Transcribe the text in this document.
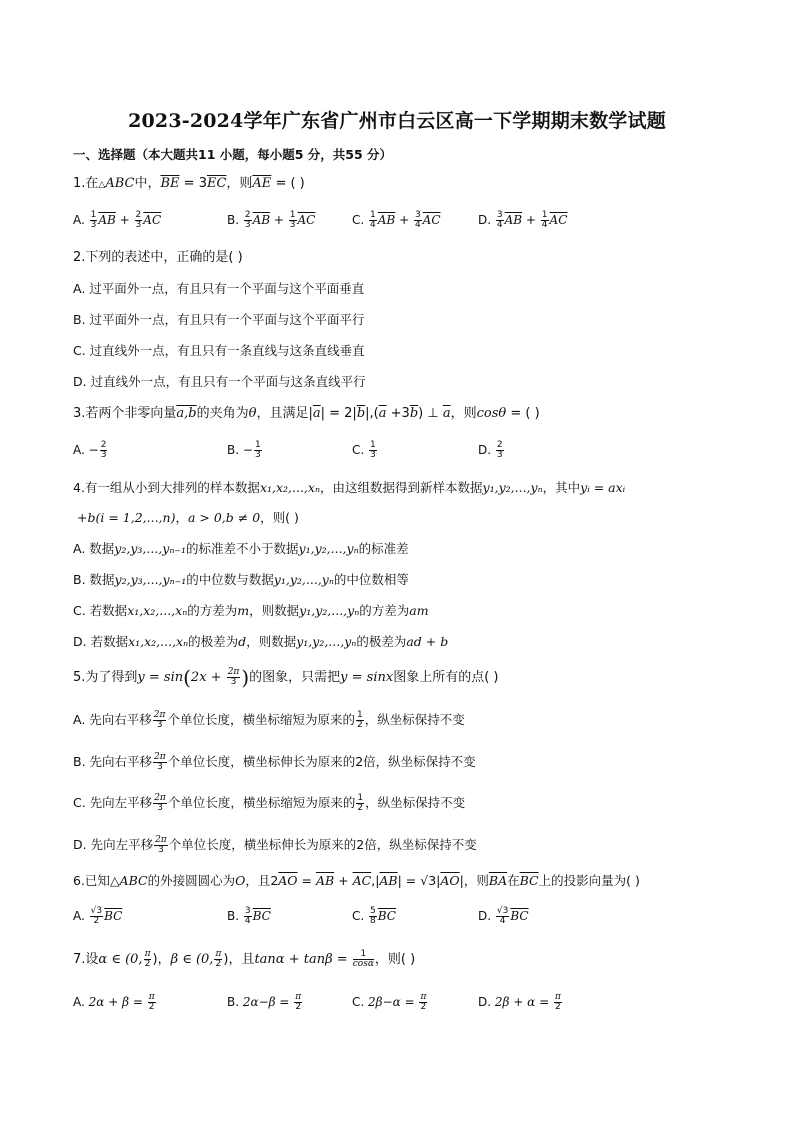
2023-2024学年广东省广州市白云区高一下学期期末数学试题
一、选择题（本大题共11 小题，每小题5 分，共55 分）
1.在△ABC中，$\overline{BE} = 3\overline{EC}$，则$\overline{AE}$ = ( )
A. $\frac{1}{3} \overline{AB} + \frac{2}{3} \overline{AC}$	B. $\frac{2}{3} \overline{AB} + \frac{1}{3} \overline{AC}$	C. $\frac{1}{4} \overline{AB} + \frac{3}{4} \overline{AC}$	D. $\frac{3}{4} \overline{AB} + \frac{1}{4} \overline{AC}$
2.下列的表述中，正确的是( )
A. 过平面外一点，有且只有一个平面与这个平面垂直
B. 过平面外一点，有且只有一个平面与这个平面平行
C. 过直线外一点，有且只有一条直线与这条直线垂直
D. 过直线外一点，有且只有一个平面与这条直线平行
3.若两个非零向量a,b的夹角为θ，且满足$|\overline{a}| = 2|\overline{b}|,(\overline{a} +3\overline{b})$ ⊥ $\overline{a}$，则cosθ = ( )
A. − $\frac{2}{3}$	B. − $\frac{1}{3}$	C. $\frac{1}{3}$	D. $\frac{2}{3}$
4.有一组从小到大排列的样本数据x₁,x₂,...,xₙ，由这组数据得到新样本数据y₁,y₂,...,yₙ，其中yᵢ = axᵢ
+b(i = 1,2,...,n)，a > 0,b ≠ 0，则( )
A. 数据y₂,y₃,...,yₙ₋₁的标准差不小于数据y₁,y₂,...,yₙ的标准差
B. 数据y₂,y₃,...,yₙ₋₁的中位数与数据y₁,y₂,...,yₙ的中位数相等
C. 若数据x₁,x₂,...,xₙ的方差为m，则数据y₁,y₂,...,yₙ的方差为am
D. 若数据x₁,x₂,...,xₙ的极差为d，则数据y₁,y₂,...,yₙ的极差为ad + b
5.为了得到$y = \sin(2x + \frac{2\pi}{3}$ )的图象，只需把y = sinx图象上所有的点( )
A. 先向右平移 $\frac{2\pi}{3}$ 个单位长度，横坐标缩短为原来的 $\frac{1}{2}$ ，纵坐标保持不变
B. 先向右平移 $\frac{2\pi}{3}$ 个单位长度，横坐标伸长为原来的2倍，纵坐标保持不变
C. 先向左平移 $\frac{2\pi}{3}$ 个单位长度，横坐标缩短为原来的 $\frac{1}{2}$ ，纵坐标保持不变
D. 先向左平移 $\frac{2\pi}{3}$ 个单位长度，横坐标伸长为原来的2倍，纵坐标保持不变
6.已知△ABC的外接圆圆心为O，且$2\overline{AO} = \overline{AB} + \overline{AC},|\overline{AB}| = √3|\overline{AO}|$，则$\overline{BA}$在$\overline{BC}$上的投影向量为( )
A. $\frac{√3}{2} \overline{BC}$	B. $\frac{3}{4} \overline{BC}$	C. $\frac{5}{8} \overline{BC}$	D. $\frac{√3}{4} \overline{BC}$
7.设α ∈ (0, $\frac{\pi}{2}$ )，β ∈ (0, $\frac{\pi}{2}$ )，且$\tan\alpha + \tan\beta = \frac{1}{\cos\alpha}$ ，则( )
A. $2\alpha + \beta = \frac{\pi}{2}$	B. $2\alpha-\beta = \frac{\pi}{2}$	C. $2\beta-\alpha = \frac{\pi}{2}$	D. $2\beta + \alpha = \frac{\pi}{2}$
